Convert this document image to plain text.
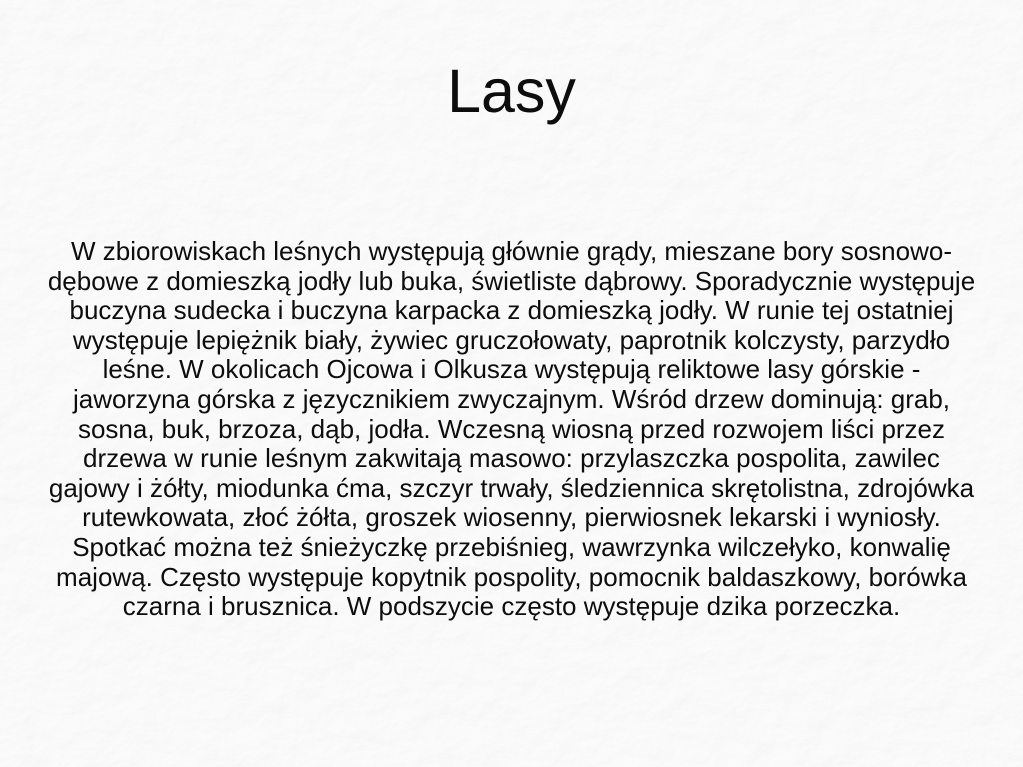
Lasy
W zbiorowiskach leśnych występują głównie grądy, mieszane bory sosnowo-
dębowe z domieszką jodły lub buka, świetliste dąbrowy. Sporadycznie występuje
buczyna sudecka i buczyna karpacka z domieszką jodły. W runie tej ostatniej
występuje lepiężnik biały, żywiec gruczołowaty, paprotnik kolczysty, parzydło
leśne. W okolicach Ojcowa i Olkusza występują reliktowe lasy górskie -
jaworzyna górska z języcznikiem zwyczajnym. Wśród drzew dominują: grab,
sosna, buk, brzoza, dąb, jodła. Wczesną wiosną przed rozwojem liści przez
drzewa w runie leśnym zakwitają masowo: przylaszczka pospolita, zawilec
gajowy i żółty, miodunka ćma, szczyr trwały, śledziennica skrętolistna, zdrojówka
rutewkowata, złoć żółta, groszek wiosenny, pierwiosnek lekarski i wyniosły.
Spotkać można też śnieżyczkę przebiśnieg, wawrzynka wilczełyko, konwalię
majową. Często występuje kopytnik pospolity, pomocnik baldaszkowy, borówka
czarna i brusznica. W podszycie często występuje dzika porzeczka.
